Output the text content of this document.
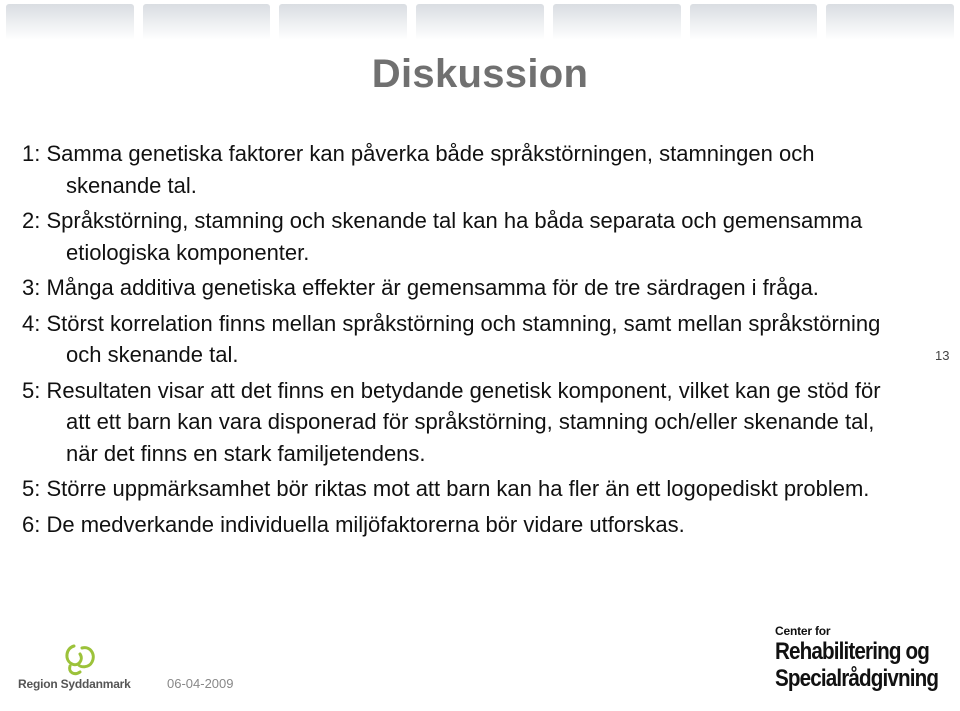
Diskussion
1: Samma genetiska faktorer kan påverka både språkstörningen, stamningen och skenande tal.
2: Språkstörning, stamning och skenande tal kan ha båda separata och gemensamma etiologiska komponenter.
3: Många additiva genetiska effekter är gemensamma för de tre särdragen i fråga.
4: Störst korrelation finns mellan språkstörning och stamning, samt mellan språkstörning och skenande tal.
5: Resultaten visar att det finns en betydande genetisk komponent, vilket kan ge stöd för att ett barn kan vara disponerad för språkstörning, stamning och/eller skenande tal, när det finns en stark familjetendens.
5: Större uppmärksamhet bör riktas mot att barn kan ha fler än ett logopediskt problem.
6: De medverkande individuella miljöfaktorerna bör vidare utforskas.
13
Region Syddanmark	06-04-2009
Center for
Rehabilitering og
Specialrådgivning
